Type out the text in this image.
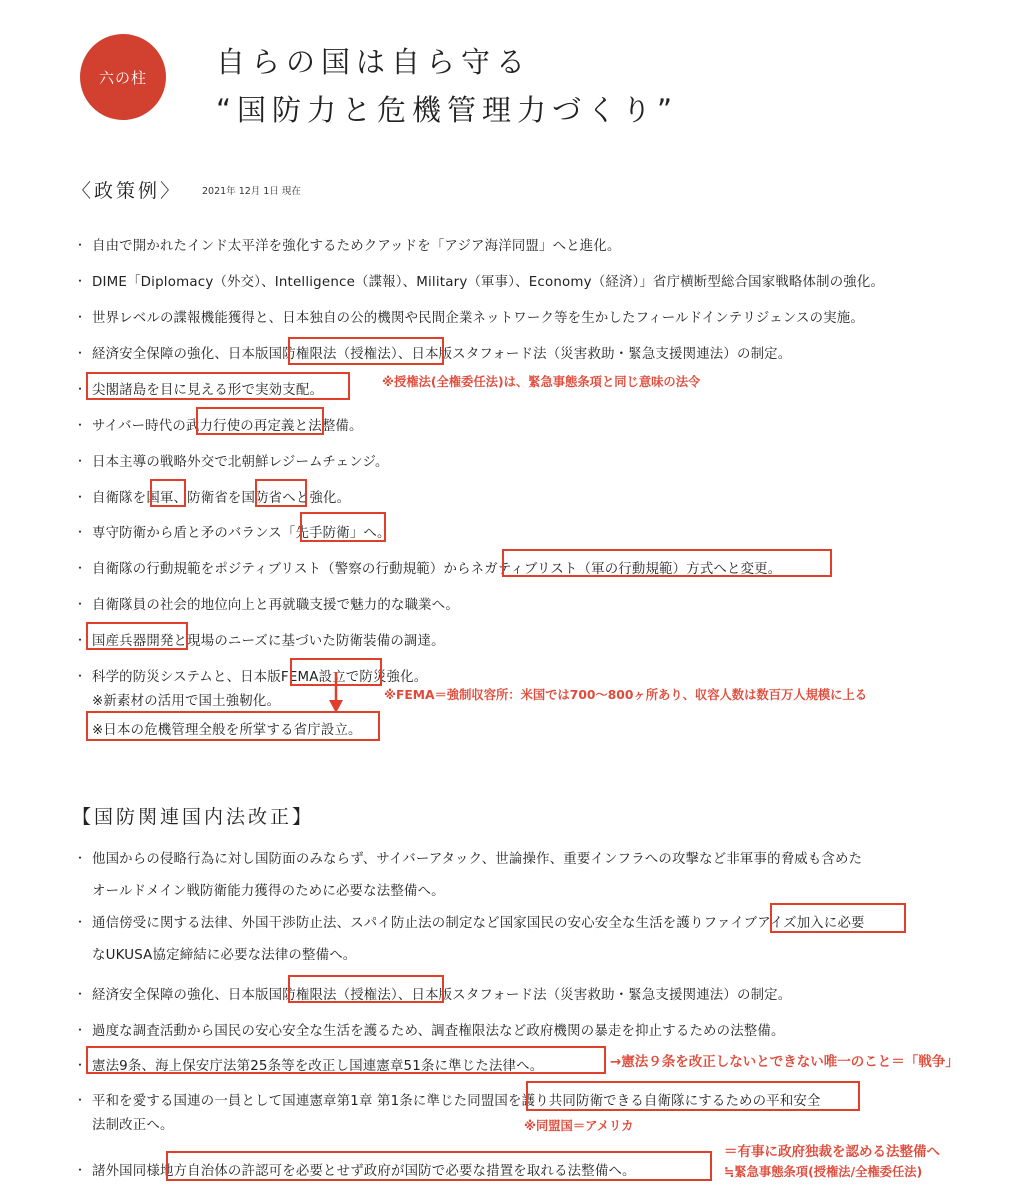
六の柱 自らの国は自ら守る
“国防力と危機管理力づくり”
〈政策例〉 2021年 12月 1日 現在
・ 自由で開かれたインド太平洋を強化するためクアッドを「アジア海洋同盟」へと進化。
・ DIME「Diplomacy（外交）、Intelligence（諜報）、Military（軍事）、Economy（経済）」省庁横断型総合国家戦略体制の強化。
・ 世界レベルの諜報機能獲得と、日本独自の公的機関や民間企業ネットワーク等を生かしたフィールドインテリジェンスの実施。
・ 経済安全保障の強化、日本版国防権限法（授権法）、日本版スタフォード法（災害救助・緊急支援関連法）の制定。
・ 尖閣諸島を目に見える形で実効支配。
・ サイバー時代の武力行使の再定義と法整備。
・ 日本主導の戦略外交で北朝鮮レジームチェンジ。
・ 自衛隊を国軍、防衛省を国防省へと強化。
・ 専守防衛から盾と矛のバランス「先手防衛」へ。
・ 自衛隊の行動規範をポジティブリスト（警察の行動規範）からネガティブリスト（軍の行動規範）方式へと変更。
・ 自衛隊員の社会的地位向上と再就職支援で魅力的な職業へ。
・ 国産兵器開発と現場のニーズに基づいた防衛装備の調達。
・ 科学的防災システムと、日本版FEMA設立で防災強化。
※新素材の活用で国土強靭化。
※日本の危機管理全般を所掌する省庁設立。
【国防関連国内法改正】
・ 他国からの侵略行為に対し国防面のみならず、サイバーアタック、世論操作、重要インフラへの攻撃など非軍事的脅威も含めた
オールドメイン戦防衛能力獲得のために必要な法整備へ。
・ 通信傍受に関する法律、外国干渉防止法、スパイ防止法の制定など国家国民の安心安全な生活を護りファイブアイズ加入に必要
なUKUSA協定締結に必要な法律の整備へ。
・ 経済安全保障の強化、日本版国防権限法（授権法）、日本版スタフォード法（災害救助・緊急支援関連法）の制定。
・ 過度な調査活動から国民の安心安全な生活を護るため、調査権限法など政府機関の暴走を抑止するための法整備。
・ 憲法9条、海上保安庁法第25条等を改正し国連憲章51条に準じた法律へ。
・ 平和を愛する国連の一員として国連憲章第1章 第1条に準じた同盟国を護り共同防衛できる自衛隊にするための平和安全
法制改正へ。
・ 諸外国同様地方自治体の許認可を必要とせず政府が国防で必要な措置を取れる法整備へ。
※授権法(全権委任法)は、緊急事態条項と同じ意味の法令
※FEMA＝強制収容所：米国では700〜800ヶ所あり、収容人数は数百万人規模に上る
→憲法９条を改正しないとできない唯一のこと＝「戦争」
※同盟国＝アメリカ
＝有事に政府独裁を認める法整備へ
≒緊急事態条項(授権法/全権委任法)
